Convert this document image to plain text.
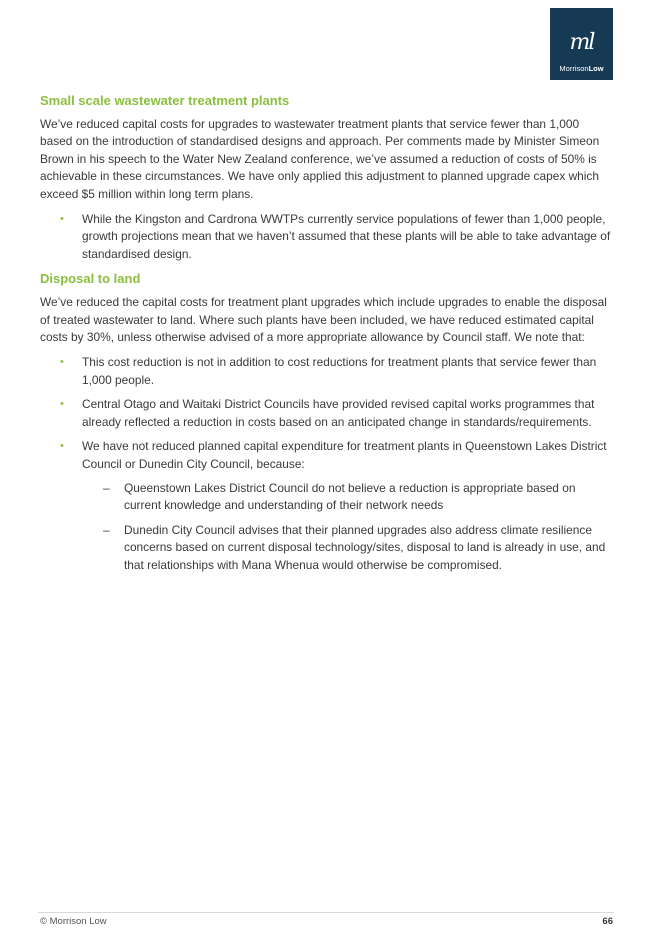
ml
MorrisonLow
Small scale wastewater treatment plants

We’ve reduced capital costs for upgrades to wastewater treatment plants that service fewer than 1,000 based on the introduction of standardised designs and approach. Per comments made by Minister Simeon Brown in his speech to the Water New Zealand conference, we’ve assumed a reduction of costs of 50% is achievable in these circumstances. We have only applied this adjustment to planned upgrade capex which exceed $5 million within long term plans.

• While the Kingston and Cardrona WWTPs currently service populations of fewer than 1,000 people, growth projections mean that we haven’t assumed that these plants will be able to take advantage of standardised design.
Disposal to land

We’ve reduced the capital costs for treatment plant upgrades which include upgrades to enable the disposal of treated wastewater to land. Where such plants have been included, we have reduced estimated capital costs by 30%, unless otherwise advised of a more appropriate allowance by Council staff. We note that:

• This cost reduction is not in addition to cost reductions for treatment plants that service fewer than 1,000 people.
• Central Otago and Waitaki District Councils have provided revised capital works programmes that already reflected a reduction in costs based on an anticipated change in standards/requirements.
• We have not reduced planned capital expenditure for treatment plants in Queenstown Lakes District Council or Dunedin City Council, because:
– Queenstown Lakes District Council do not believe a reduction is appropriate based on current knowledge and understanding of their network needs
– Dunedin City Council advises that their planned upgrades also address climate resilience concerns based on current disposal technology/sites, disposal to land is already in use, and that relationships with Mana Whenua would otherwise be compromised.
© Morrison Low	66
